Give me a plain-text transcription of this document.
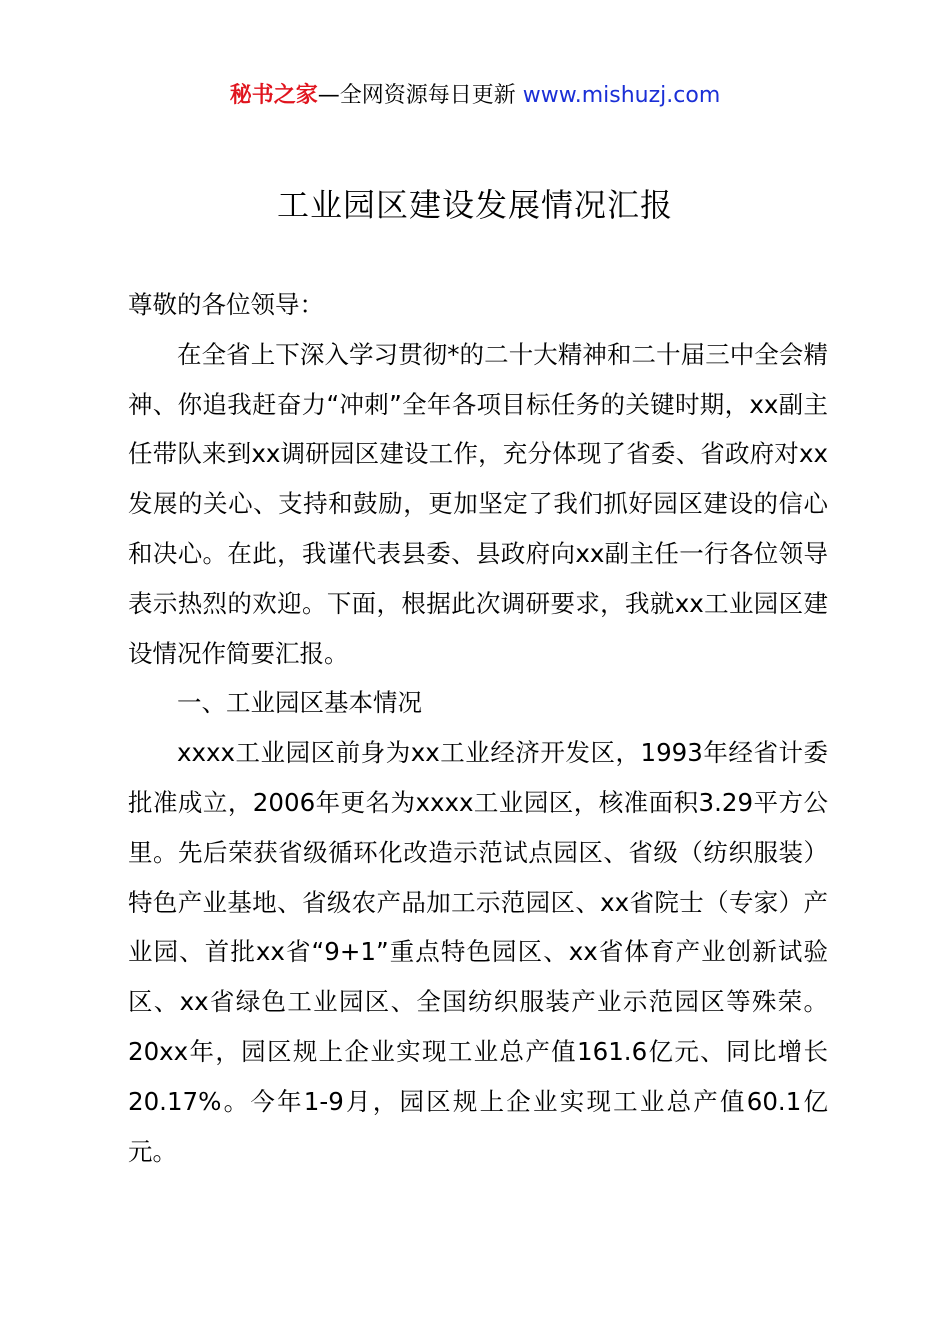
秘书之家—全网资源每日更新 www.mishuzj.com
工业园区建设发展情况汇报

尊敬的各位领导：

在全省上下深入学习贯彻*的二十大精神和二十届三中全会精神、你追我赶奋力“冲刺”全年各项目标任务的关键时期，xx副主任带队来到xx调研园区建设工作，充分体现了省委、省政府对xx发展的关心、支持和鼓励，更加坚定了我们抓好园区建设的信心和决心。在此，我谨代表县委、县政府向xx副主任一行各位领导表示热烈的欢迎。下面，根据此次调研要求，我就xx工业园区建设情况作简要汇报。

一、工业园区基本情况

xxxx工业园区前身为xx工业经济开发区，1993年经省计委批准成立，2006年更名为xxxx工业园区，核准面积3.29平方公里。先后荣获省级循环化改造示范试点园区、省级（纺织服装）特色产业基地、省级农产品加工示范园区、xx省院士（专家）产业园、首批xx省“9+1”重点特色园区、xx省体育产业创新试验区、xx省绿色工业园区、全国纺织服装产业示范园区等殊荣。20xx年，园区规上企业实现工业总产值161.6亿元、同比增长20.17%。今年1-9月，园区规上企业实现工业总产值60.1亿元。
